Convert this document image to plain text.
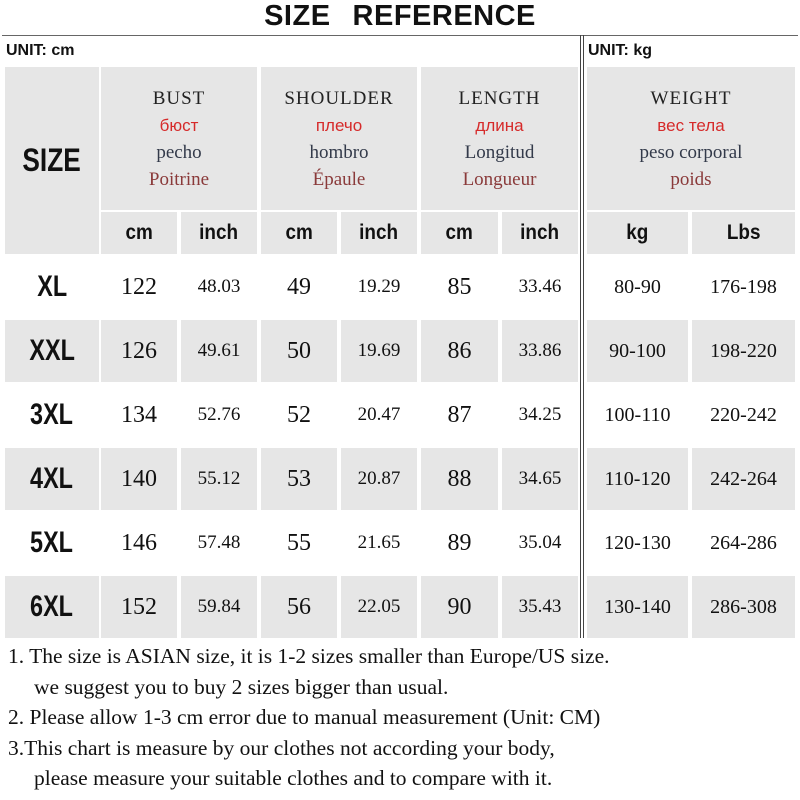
SIZE REFERENCE
UNIT: cm	UNIT: kg
SIZE
BUST
бюст
pecho
Poitrine
SHOULDER
плечо
hombro
Épaule
LENGTH
длина
Longitud
Longueur
WEIGHT
вес тела
peso corporal
poids
cm inch cm inch cm inch	kg	Lbs
XL 122 48.03 49 19.29 85 33.46	80-90 176-198
XXL 126 49.61 50 19.69 86 33.86 90-100 198-220
3XL 134 52.76 52 20.47 87 34.25 100-110 220-242
4XL 140 55.12 53 20.87 88 34.65 110-120 242-264
5XL 146 57.48 55 21.65 89 35.04 120-130 264-286
6XL 152 59.84 56 22.05 90 35.43 130-140 286-308
1. The size is ASIAN size, it is 1-2 sizes smaller than Europe/US size.
we suggest you to buy 2 sizes bigger than usual.
2. Please allow 1-3 cm error due to manual measurement (Unit: CM)
3.This chart is measure by our clothes not according your body,
please measure your suitable clothes and to compare with it.
